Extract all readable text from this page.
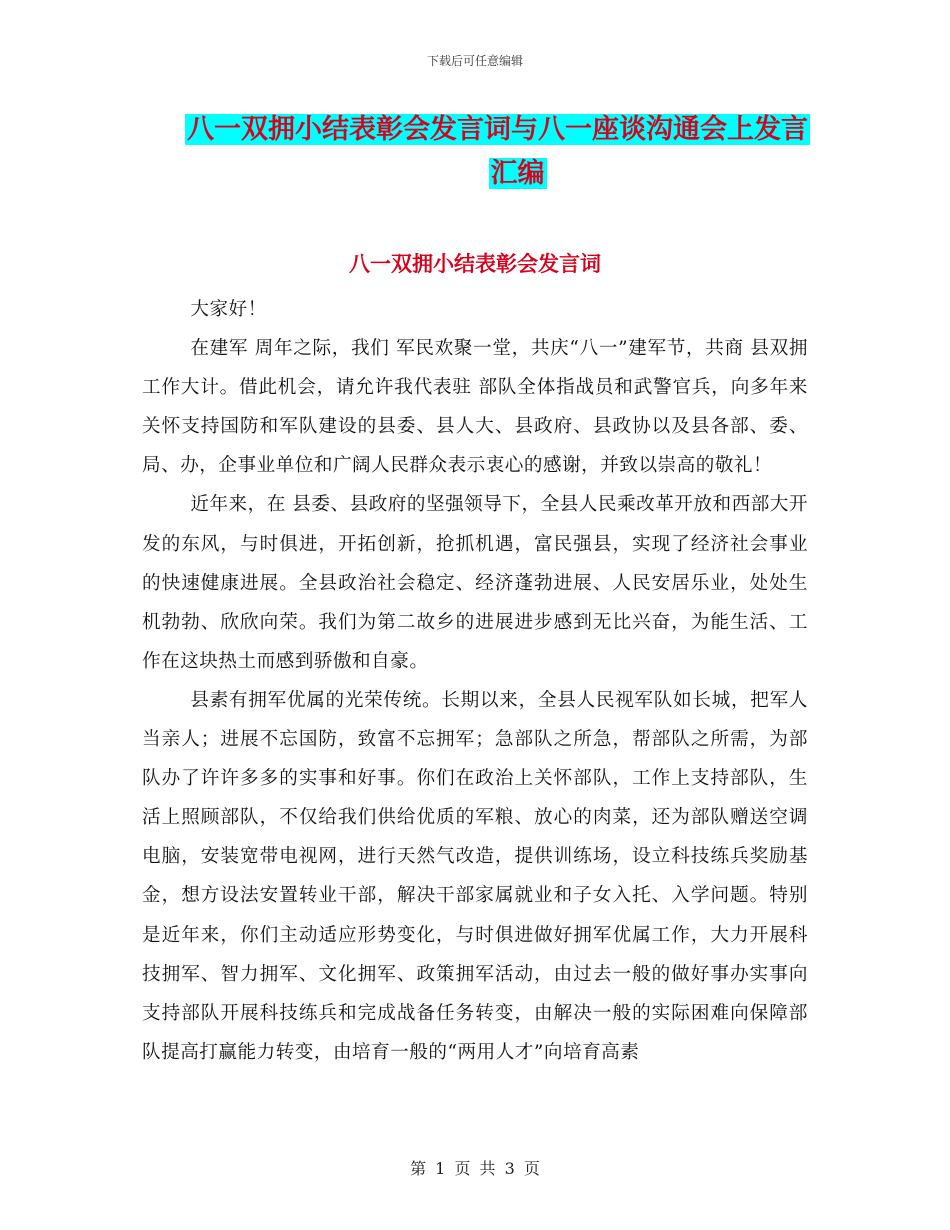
下载后可任意编辑
八一双拥小结表彰会发言词与八一座谈沟通会上发言
汇编
八一双拥小结表彰会发言词

大家好！

在建军 周年之际，我们 军民欢聚一堂，共庆“八一”建军节，共商 县双拥工作大计。借此机会，请允许我代表驻 部队全体指战员和武警官兵，向多年来关怀支持国防和军队建设的县委、县人大、县政府、县政协以及县各部、委、局、办，企事业单位和广阔人民群众表示衷心的感谢，并致以崇高的敬礼！

近年来，在 县委、县政府的坚强领导下，全县人民乘改革开放和西部大开发的东风，与时俱进，开拓创新，抢抓机遇，富民强县，实现了经济社会事业的快速健康进展。全县政治社会稳定、经济蓬勃进展、人民安居乐业，处处生机勃勃、欣欣向荣。我们为第二故乡的进展进步感到无比兴奋，为能生活、工作在这块热土而感到骄傲和自豪。

县素有拥军优属的光荣传统。长期以来，全县人民视军队如长城，把军人当亲人；进展不忘国防，致富不忘拥军；急部队之所急，帮部队之所需，为部队办了许许多多的实事和好事。你们在政治上关怀部队，工作上支持部队，生活上照顾部队，不仅给我们供给优质的军粮、放心的肉菜，还为部队赠送空调电脑，安装宽带电视网，进行天然气改造，提供训练场，设立科技练兵奖励基金，想方设法安置转业干部，解决干部家属就业和子女入托、入学问题。特别是近年来，你们主动适应形势变化，与时俱进做好拥军优属工作，大力开展科技拥军、智力拥军、文化拥军、政策拥军活动，由过去一般的做好事办实事向支持部队开展科技练兵和完成战备任务转变，由解决一般的实际困难向保障部队提高打赢能力转变，由培育一般的“两用人才”向培育高素

第 1 页 共 3 页
